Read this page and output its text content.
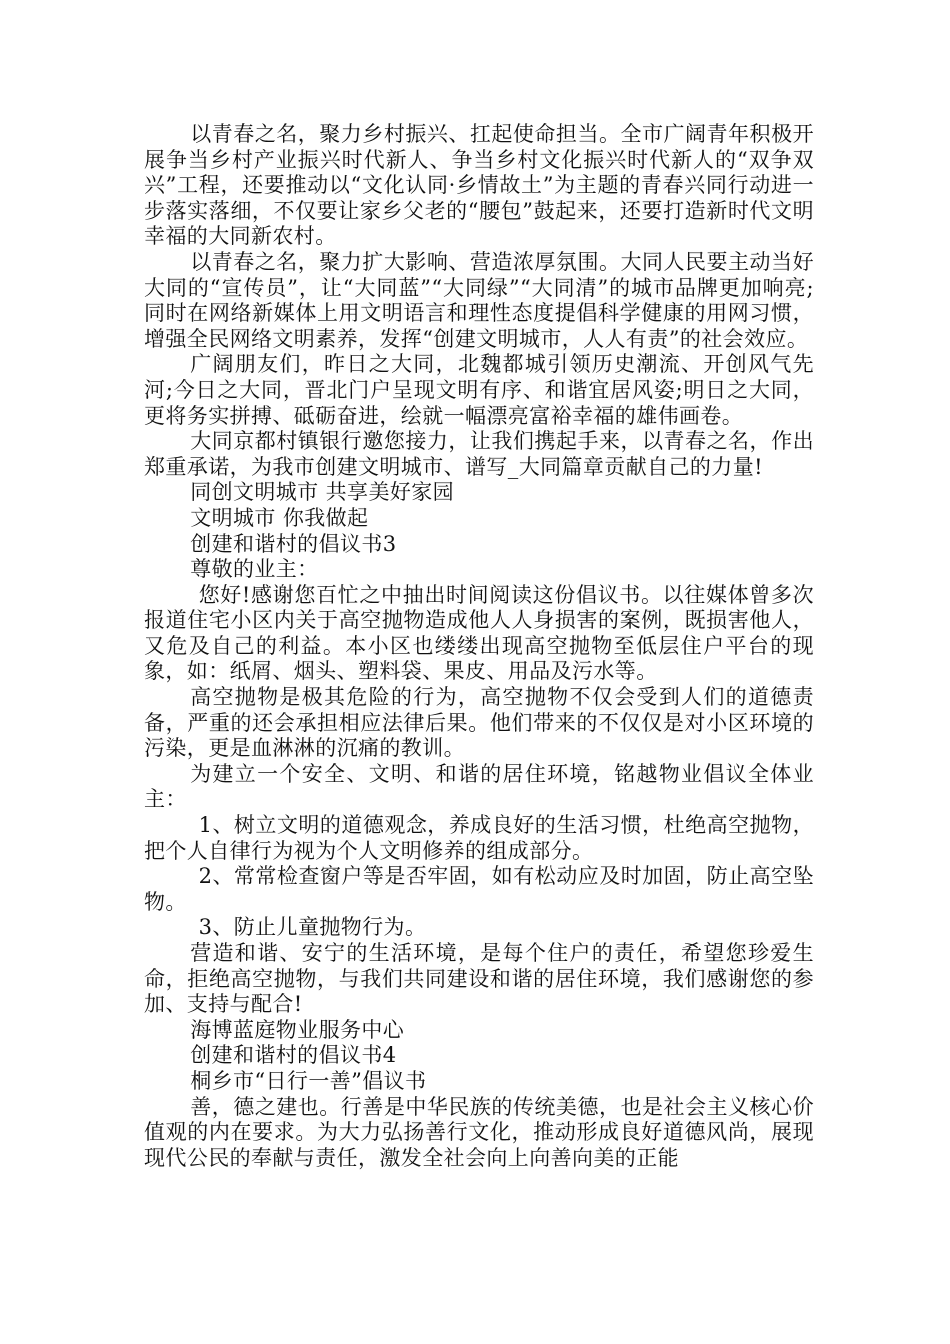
以青春之名，聚力乡村振兴、扛起使命担当。全市广阔青年积极开展争当乡村产业振兴时代新人、争当乡村文化振兴时代新人的“双争双兴”工程，还要推动以“文化认同·乡情故土”为主题的青春兴同行动进一步落实落细，不仅要让家乡父老的“腰包”鼓起来，还要打造新时代文明幸福的大同新农村。

以青春之名，聚力扩大影响、营造浓厚氛围。大同人民要主动当好大同的“宣传员”，让“大同蓝”“大同绿”“大同清”的城市品牌更加响亮;同时在网络新媒体上用文明语言和理性态度提倡科学健康的用网习惯，增强全民网络文明素养，发挥“创建文明城市，人人有责”的社会效应。

广阔朋友们，昨日之大同，北魏都城引领历史潮流、开创风气先河;今日之大同，晋北门户呈现文明有序、和谐宜居风姿;明日之大同，更将务实拼搏、砥砺奋进，绘就一幅漂亮富裕幸福的雄伟画卷。

大同京都村镇银行邀您接力，让我们携起手来，以青春之名，作出郑重承诺，为我市创建文明城市、谱写_大同篇章贡献自己的力量!

同创文明城市 共享美好家园

文明城市 你我做起

创建和谐村的倡议书3

尊敬的业主：

您好!感谢您百忙之中抽出时间阅读这份倡议书。以往媒体曾多次报道住宅小区内关于高空抛物造成他人人身损害的案例，既损害他人，又危及自己的利益。本小区也缕缕出现高空抛物至低层住户平台的现象，如：纸屑、烟头、塑料袋、果皮、用品及污水等。

高空抛物是极其危险的行为，高空抛物不仅会受到人们的道德责备，严重的还会承担相应法律后果。他们带来的不仅仅是对小区环境的污染，更是血淋淋的沉痛的教训。

为建立一个安全、文明、和谐的居住环境，铭越物业倡议全体业主：

1、树立文明的道德观念，养成良好的生活习惯，杜绝高空抛物，把个人自律行为视为个人文明修养的组成部分。

2、常常检查窗户等是否牢固，如有松动应及时加固，防止高空坠物。

3、防止儿童抛物行为。

营造和谐、安宁的生活环境，是每个住户的责任，希望您珍爱生命，拒绝高空抛物，与我们共同建设和谐的居住环境，我们感谢您的参加、支持与配合!

海博蓝庭物业服务中心

创建和谐村的倡议书4

桐乡市“日行一善”倡议书

善，德之建也。行善是中华民族的传统美德，也是社会主义核心价值观的内在要求。为大力弘扬善行文化，推动形成良好道德风尚，展现现代公民的奉献与责任，激发全社会向上向善向美的正能
